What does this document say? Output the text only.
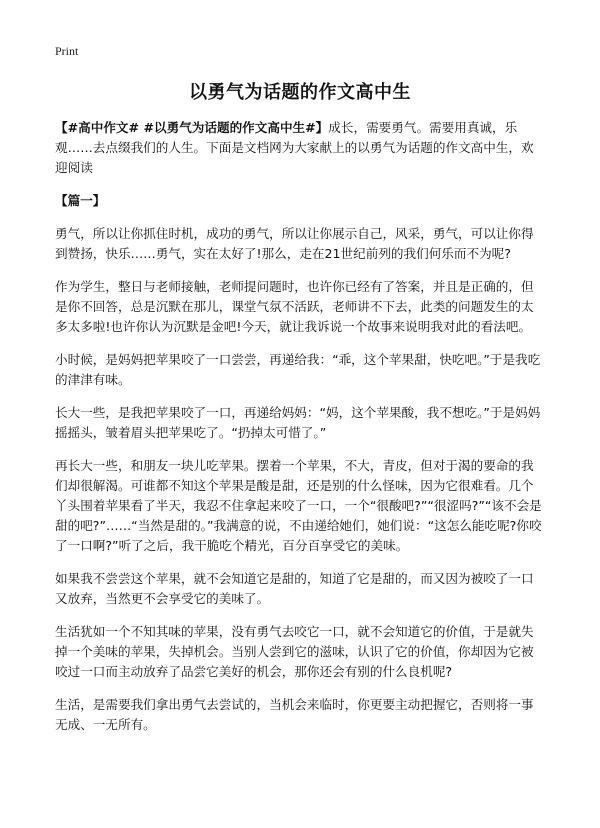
Print
以勇气为话题的作文高中生

【#高中作文# #以勇气为话题的作文高中生#】成长，需要勇气。需要用真诚，乐观……去点缀我们的人生。下面是文档网为大家献上的以勇气为话题的作文高中生，欢迎阅读

【篇一】

勇气，所以让你抓住时机，成功的勇气，所以让你展示自己，风采，勇气，可以让你得到赞扬，快乐……勇气，实在太好了!那么，走在21世纪前列的我们何乐而不为呢?

作为学生，整日与老师接触，老师提问题时，也许你已经有了答案，并且是正确的，但是你不回答，总是沉默在那儿，课堂气氛不活跃，老师讲不下去，此类的问题发生的太多太多啦!也许你认为沉默是金吧!今天，就让我诉说一个故事来说明我对此的看法吧。

小时候，是妈妈把苹果咬了一口尝尝，再递给我：“乖，这个苹果甜，快吃吧。”于是我吃的津津有味。

长大一些，是我把苹果咬了一口，再递给妈妈：“妈，这个苹果酸，我不想吃。”于是妈妈摇摇头，皱着眉头把苹果吃了。“扔掉太可惜了。”

再长大一些，和朋友一块儿吃苹果。摆着一个苹果，不大，青皮，但对于渴的要命的我们却很解渴。可谁都不知这个苹果是酸是甜，还是别的什么怪味，因为它很难看。几个丫头围着苹果看了半天，我忍不住拿起来咬了一口，一个“很酸吧?”“很涩吗?”“该不会是甜的吧?”……“当然是甜的。”我满意的说，不由递给她们，她们说：“这怎么能吃呢?你咬了一口啊?”听了之后，我干脆吃个精光，百分百享受它的美味。

如果我不尝尝这个苹果，就不会知道它是甜的，知道了它是甜的，而又因为被咬了一口又放弃，当然更不会享受它的美味了。

生活犹如一个不知其味的苹果，没有勇气去咬它一口，就不会知道它的价值，于是就失掉一个美味的苹果，失掉机会。当别人尝到它的滋味，认识了它的价值，你却因为它被咬过一口而主动放弃了品尝它美好的机会，那你还会有别的什么良机呢?

生活，是需要我们拿出勇气去尝试的，当机会来临时，你更要主动把握它，否则将一事无成、一无所有。
